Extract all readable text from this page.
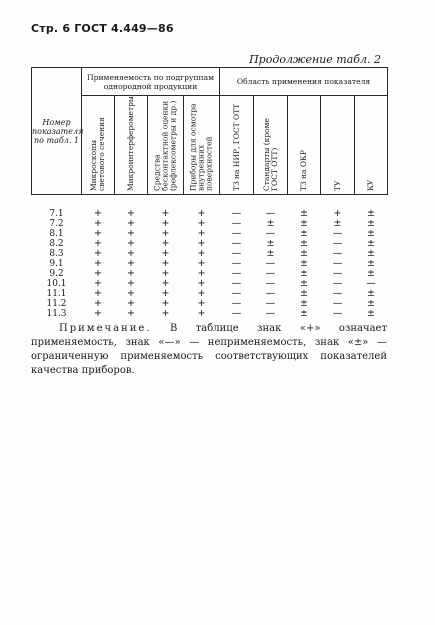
Стр. 6 ГОСТ 4.449—86
Продолжение табл. 2
Номер показателя по табл. 1	Применяемость по подгруппам однородной продукции				Область применения показателя				

	Микроскопы светового сечения	Микроинтерферометры	Средства бесконтактной оценки (рефлексометры и др.)	Приборы для осмотра внутренних поверхностей	ТЗ на НИР, ГОСТ ОТТ	Стандарты (кроме ГОСТ ОТТ)	ТЗ на ОКР	ТУ	КУ

7.1	+	+	+	+	—	—	±	+	±
7.2	+	+	+	+	—	±	±	±	±
8.1	+	+	+	+	—	—	±	—	±
8.2	+	+	+	+	—	±	±	—	±
8.3	+	+	+	+	—	±	±	—	±
9.1	+	+	+	+	—	—	±	—	±
9.2	+	+	+	+	—	—	±	—	±
10.1	+	+	+	+	—	—	±	—	—
11.1	+	+	+	+	—	—	±	—	±
11.2	+	+	+	+	—	—	±	—	±
11.3	+	+	+	+	—	—	±	—	±
Примечание. В таблице знак «+» означает применяемость, знак «—» — неприменяемость, знак «±» — ограниченную применяемость соответствующих показателей качества приборов.
